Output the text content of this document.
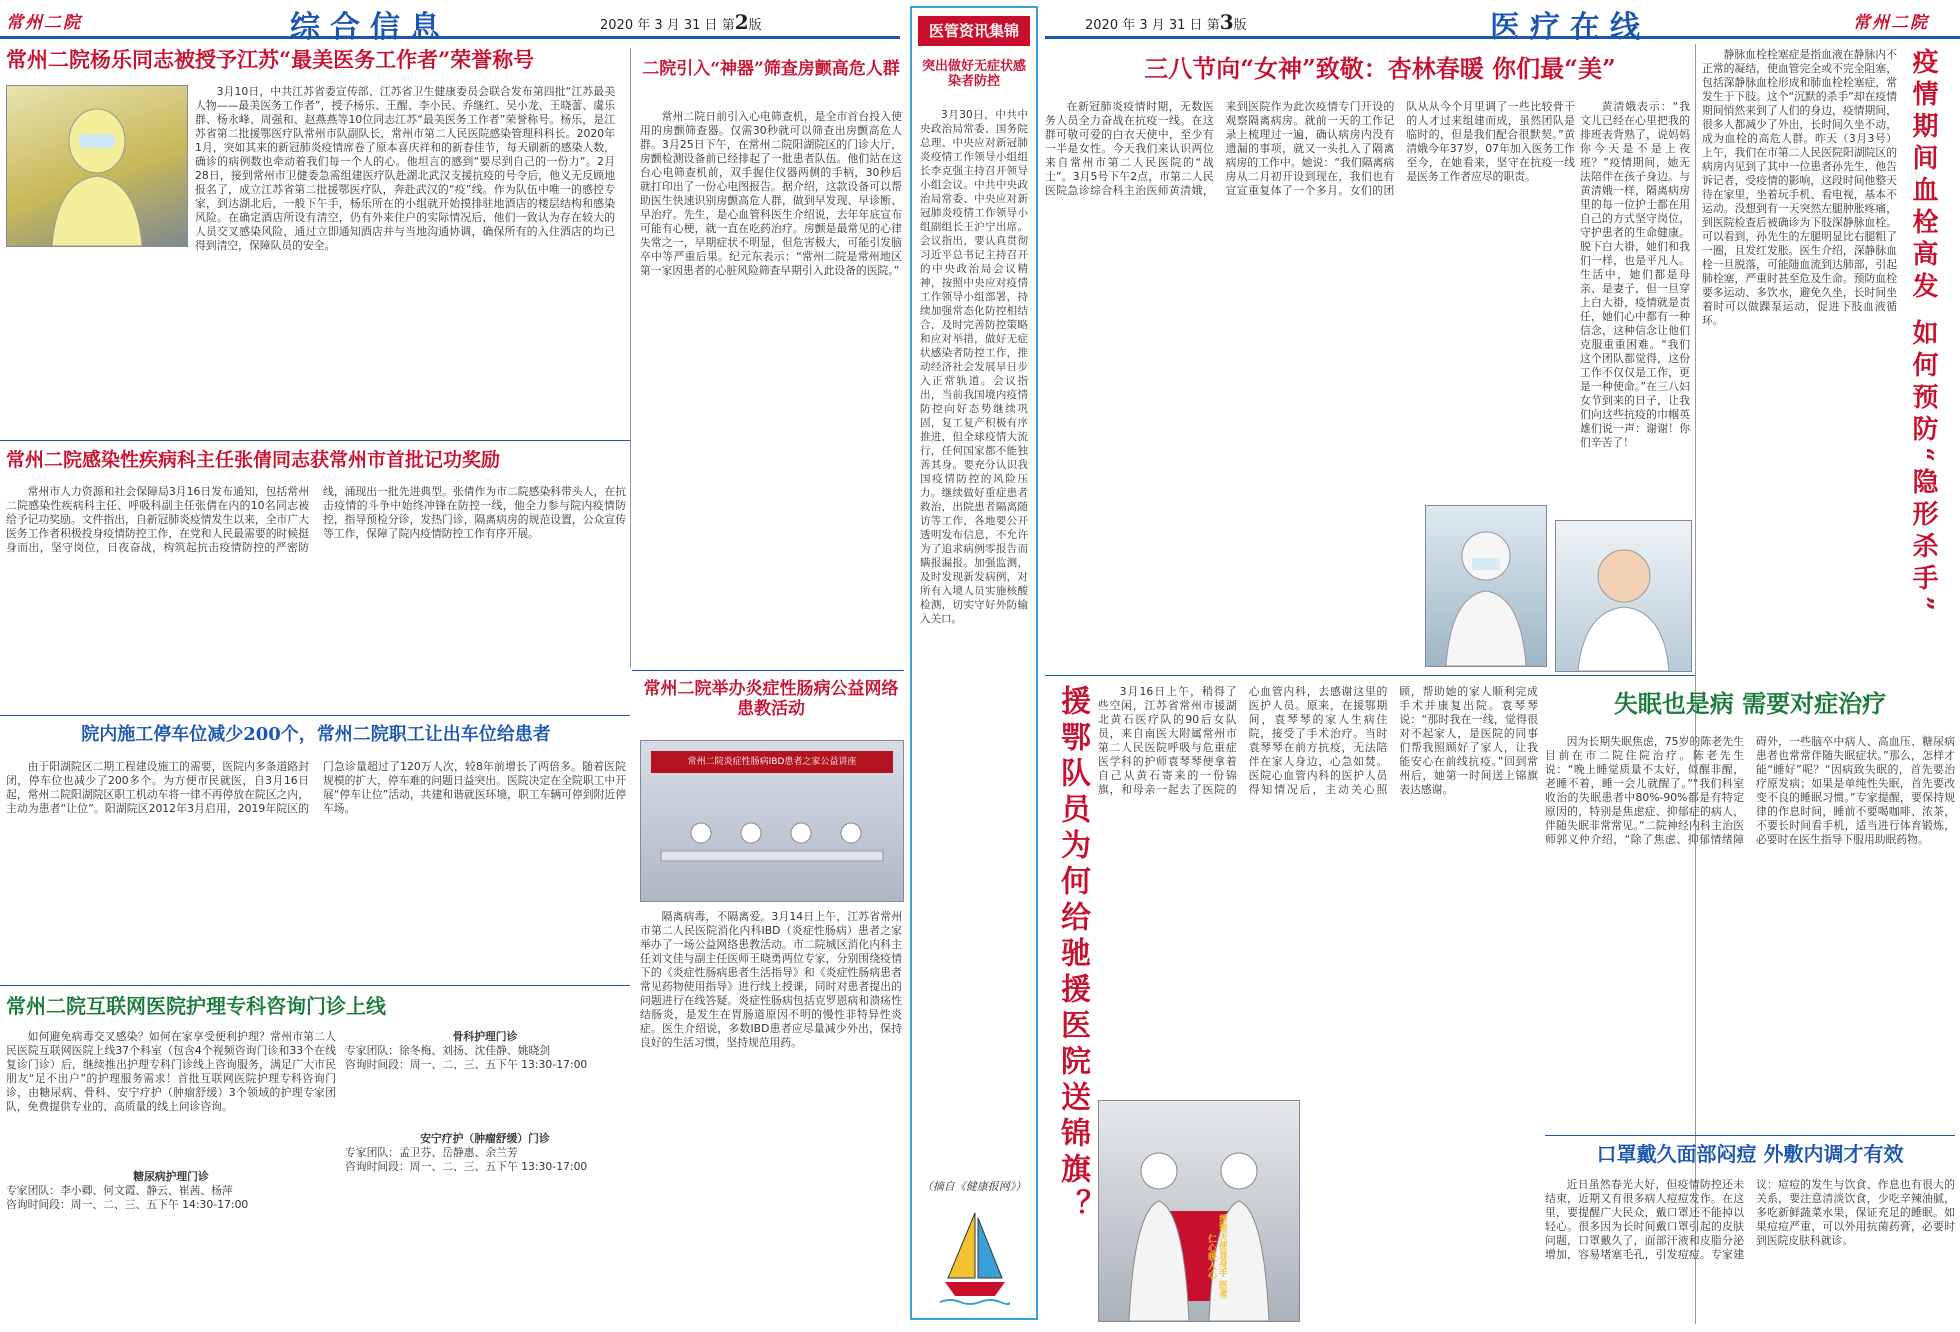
常州二院	综合信息	2020 年 3 月 31 日 第2版	医管资讯集锦
突出做好无症状感染者防控
3月30日，中共中央政治局常委、国务院总理、中央应对新冠肺炎疫情工作领导小组组长李克强主持召开领导小组会议。中共中央政治局常委、中央应对新冠肺炎疫情工作领导小组副组长王沪宁出席。会议指出，要认真贯彻习近平总书记主持召开的中央政治局会议精神，按照中央应对疫情工作领导小组部署，持续加强常态化防控相结合，及时完善防控策略和应对举措，做好无症状感染者防控工作，推动经济社会发展早日步入正常轨道。会议指出，当前我国境内疫情防控向好态势继续巩固，复工复产积极有序推进，但全球疫情大流行，任何国家都不能独善其身。要充分认识我国疫情防控的风险压力。继续做好重症患者救治，出院患者隔离随访等工作，各地要公开透明发布信息，不允许为了追求病例零报告而瞒报漏报。加强监测，及时发现新发病例，对所有入境人员实施核酸检测，切实守好外防输入关口。
（摘自《健康报网》）
2020 年 3 月 31 日 第3版	医疗在线	常州二院
常州二院杨乐同志被授予江苏“最美医务工作者”荣誉称号
3月10日，中共江苏省委宣传部、江苏省卫生健康委员会联合发布第四批“江苏最美人物——最美医务工作者”，授予杨乐、王醒、李小民、乔继红、吴小龙、王晓蕾、虞乐群、杨永峰、周强和、赵燕燕等10位同志江苏“最美医务工作者”荣誉称号。杨乐，是江苏省第二批援鄂医疗队常州市队副队长，常州市第二人民医院感染管理科科长。2020年1月，突如其来的新冠肺炎疫情席卷了原本喜庆祥和的新春佳节，每天刷新的感染人数，确诊的病例数也牵动着我们每一个人的心。他坦言的感到“要尽到自己的一份力”。2月28日，接到常州市卫健委急需组建医疗队赴湖北武汉支援抗疫的号令后，他义无反顾地报名了，成立江苏省第二批援鄂医疗队，奔赴武汉的“疫”线。作为队伍中唯一的感控专家，到达湖北后，一般下午手，杨乐所在的小组就开始摸排驻地酒店的楼层结构和感染风险。在确定酒店所设有清空，仍有外来住户的实际情况后，他们一致认为存在较大的人员交叉感染风险，通过立即通知酒店并与当地沟通协调，确保所有的入住酒店的均已得到清空，保障队员的安全。
二院引入“神器”筛查房颤高危人群
常州二院日前引入心电筛查机，是全市首台投入使用的房颤筛查器。仅需30秒就可以筛查出房颤高危人群。3月25日下午，在常州二院阳湖院区的门诊大厅，房颤检测设备前已经排起了一批患者队伍。他们站在这台心电筛查机前，双手握住仪器两侧的手柄，30秒后就打印出了一份心电图报告。据介绍，这款设备可以帮助医生快速识别房颤高危人群，做到早发现、早诊断、早治疗。先生，是心血管科医生介绍说，去年年底宣布可能有心梗，就一直在吃药治疗。房颤是最常见的心律失常之一，早期症状不明显，但危害极大，可能引发脑卒中等严重后果。纪元东表示：“常州二院是常州地区第一家因患者的心脏风险筛查早期引入此设备的医院。”
常州二院感染性疾病科主任张倩同志获常州市首批记功奖励
常州市人力资源和社会保障局3月16日发布通知，包括常州二院感染性疾病科主任、呼吸科副主任张倩在内的10名同志被给予记功奖励。文件指出，自新冠肺炎疫情发生以来，全市广大医务工作者积极投身疫情防控工作，在党和人民最需要的时候挺身而出，坚守岗位，日夜奋战，构筑起抗击疫情防控的严密防线，涌现出一批先进典型。张倩作为市二院感染科带头人，在抗击疫情的斗争中始终冲锋在防控一线，他全力参与院内疫情防控，指导预检分诊，发热门诊，隔离病房的规范设置，公众宣传等工作，保障了院内疫情防控工作有序开展。
院内施工停车位减少200个，常州二院职工让出车位给患者
由于阳湖院区二期工程建设施工的需要，医院内多条道路封闭，停车位也减少了200多个。为方便市民就医，自3月16日起，常州二院阳湖院区职工机动车将一律不再停放在院区之内，主动为患者“让位”。阳湖院区2012年3月启用，2019年院区的门急诊量超过了120万人次，较8年前增长了两倍多。随着医院规模的扩大，停车难的问题日益突出。医院决定在全院职工中开展“停车让位”活动，共建和谐就医环境，职工车辆可停到附近停车场。
常州二院举办炎症性肠病公益网络患教活动
常州二院炎症性肠病IBD患者之家公益讲座
隔离病毒，不隔离爱。3月14日上午，江苏省常州市第二人民医院消化内科IBD（炎症性肠病）患者之家举办了一场公益网络患教活动。市二院城区消化内科主任刘文佳与副主任医师王晓勇两位专家，分别围绕疫情下的《炎症性肠病患者生活指导》和《炎症性肠病患者常见药物使用指导》进行线上授课，同时对患者提出的问题进行在线答疑。炎症性肠病包括克罗恩病和溃疡性结肠炎，是发生在胃肠道原因不明的慢性非特异性炎症。医生介绍说，多数IBD患者应尽量减少外出，保持良好的生活习惯，坚持规范用药。
常州二院互联网医院护理专科咨询门诊上线
如何避免病毒交叉感染？如何在家享受便利护理？常州市第二人民医院互联网医院上线37个科室（包含4个视频咨询门诊和33个在线复诊门诊）后，继续推出护理专科门诊线上咨询服务，满足广大市民朋友“足不出户”的护理服务需求！首批互联网医院护理专科咨询门诊，由糖尿病、骨科、安宁疗护（肿瘤舒缓）3个领域的护理专家团队，免费提供专业的、高质量的线上问诊咨询。
糖尿病护理门诊
专家团队：李小卿、何文霞、静云、崔茜、杨萍
咨询时间段：周一、二、三、五下午 14:30-17:00
骨科护理门诊
专家团队：徐冬梅、刘扬、沈佳静、姚晓剑
咨询时间段：周一、二、三、五下午 13:30-17:00
安宁疗护（肿瘤舒缓）门诊
专家团队：孟卫芬、岳静惠、余兰芳
咨询时间段：周一、二、三、五下午 13:30-17:00
三八节向“女神”致敬：杏林春暖 你们最“美”
在新冠肺炎疫情时期，无数医务人员全力奋战在抗疫一线。在这群可敬可爱的白衣天使中，至少有一半是女性。今天我们来认识两位来自常州市第二人民医院的“战士”。3月5号下午2点，市第二人民医院急诊综合科主治医师黄清娥，来到医院作为此次疫情专门开设的观察隔离病房。就前一天的工作记录上梳理过一遍，确认病房内没有遗漏的事项，就又一头扎入了隔离病房的工作中。她说：“我们隔离病房从二月初开设到现在，我们也有宣宣重复体了一个多月。女们的团队从从今个月里调了一些比较骨干的人才过来组建而成，虽然团队是临时的，但是我们配合很默契。”黄清娥今年37岁，07年加入医务工作至今，在她看来，坚守在抗疫一线是医务工作者应尽的职责。
黄清娥表示：“我文儿已经在心里把我的排班表背熟了，说妈妈你今天是不是上夜班？”疫情期间，她无法陪伴在孩子身边。与黄清娥一样，隔离病房里的每一位护士都在用自己的方式坚守岗位，守护患者的生命健康。脱下白大褂，她们和我们一样，也是平凡人。生活中，她们都是母亲、是妻子，但一旦穿上白大褂，疫情就是责任，她们心中都有一种信念，这种信念让他们克服重重困难。“我们这个团队都觉得，这份工作不仅仅是工作，更是一种使命。”在三八妇女节到来的日子，让我们向这些抗疫的巾帼英雄们说一声：谢谢！你们辛苦了！
援鄂队员为何给驰援医院送锦旗？	3月16日上午，稍得了些空闲，江苏省常州市援湖北黄石医疗队的90后女队员，来自南医大附属常州市第二人民医院呼吸与危重症医学科的护师袁琴琴便拿着自己从黄石寄来的一份锦旗，和母亲一起去了医院的心血管内科，去感谢这里的医护人员。原来，在援鄂期间，袁琴琴的家人生病住院，接受了手术治疗。当时袁琴琴在前方抗疫，无法陪伴在家人身边，心急如焚。医院心血管内科的医护人员得知情况后，主动关心照顾，帮助她的家人顺利完成手术并康复出院。袁琴琴说：“那时我在一线，觉得很对不起家人，是医院的同事们帮我照顾好了家人，让我能安心在前线抗疫。”回到常州后，她第一时间送上锦旗表达感谢。
援鄂天使显身手 医者仁心暖人心
失眠也是病 需要对症治疗
因为长期失眠焦虑，75岁的陈老先生目前在市二院住院治疗。陈老先生说：“晚上睡觉质量不太好，似醒非醒，老睡不着，睡一会儿就醒了。”“我们科室收治的失眠患者中80%-90%都是有特定原因的，特别是焦虑症、抑郁症的病人，伴随失眠非常常见。”二院神经内科主治医师郭义仲介绍，“除了焦虑、抑郁情绪障碍外，一些脑卒中病人、高血压、糖尿病患者也常常伴随失眠症状。”那么，怎样才能“睡好”呢？“因病致失眠的，首先要治疗原发病；如果是单纯性失眠，首先要改变不良的睡眠习惯。”专家提醒，要保持规律的作息时间，睡前不要喝咖啡、浓茶，不要长时间看手机，适当进行体育锻炼，必要时在医生指导下服用助眠药物。
口罩戴久面部闷痘 外敷内调才有效
近日虽然春光大好，但疫情防控还未结束，近期又有很多病人痘痘发作。在这里，要提醒广大民众，戴口罩还不能掉以轻心。很多因为长时间戴口罩引起的皮肤问题，口罩戴久了，面部汗液和皮脂分泌增加，容易堵塞毛孔，引发痘痘。专家建议：痘痘的发生与饮食、作息也有很大的关系，要注意清淡饮食，少吃辛辣油腻，多吃新鲜蔬菜水果，保证充足的睡眠。如果痘痘严重，可以外用抗菌药膏，必要时到医院皮肤科就诊。
疫情期间血栓高发 如何预防“隐形杀手”
静脉血栓栓塞症是指血液在静脉内不正常的凝结，使血管完全或不完全阻塞，包括深静脉血栓形成和肺血栓栓塞症，常发生于下肢。这个“沉默的杀手”却在疫情期间悄然来到了人们的身边，疫情期间，很多人都减少了外出，长时间久坐不动，成为血栓的高危人群。昨天（3月3号）上午，我们在市第二人民医院阳湖院区的病房内见到了其中一位患者孙先生，他告诉记者，受疫情的影响，这段时间他整天待在家里，坐着玩手机、看电视，基本不运动。没想到有一天突然左腿肿胀疼痛，到医院检查后被确诊为下肢深静脉血栓。可以看到，孙先生的左腿明显比右腿粗了一圈，且发红发胀。医生介绍，深静脉血栓一旦脱落，可能随血流到达肺部，引起肺栓塞，严重时甚至危及生命。预防血栓要多运动、多饮水，避免久坐，长时间坐着时可以做踝泵运动，促进下肢血液循环。
